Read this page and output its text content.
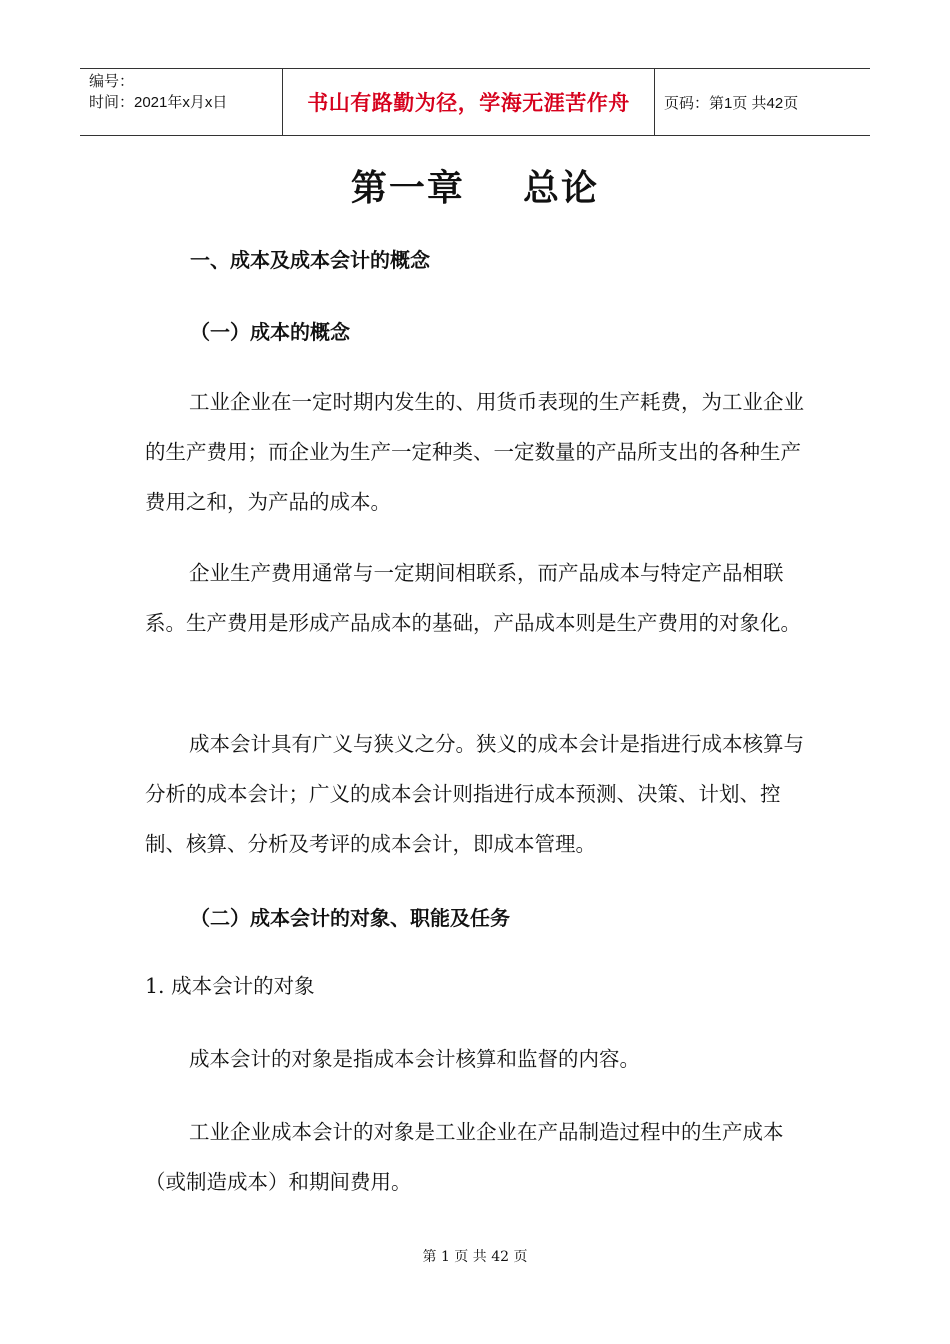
编号：
时间：2021年x月x日	书山有路勤为径，学海无涯苦作舟	页码：第1页 共42页
第一章    总论
一、成本及成本会计的概念
（一）成本的概念

工业企业在一定时期内发生的、用货币表现的生产耗费，为工业企业的生产费用；而企业为生产一定种类、一定数量的产品所支出的各种生产费用之和，为产品的成本。

企业生产费用通常与一定期间相联系，而产品成本与特定产品相联系。生产费用是形成产品成本的基础，产品成本则是生产费用的对象化。

成本会计具有广义与狭义之分。狭义的成本会计是指进行成本核算与分析的成本会计；广义的成本会计则指进行成本预测、决策、计划、控制、核算、分析及考评的成本会计，即成本管理。

（二）成本会计的对象、职能及任务
1. 成本会计的对象

成本会计的对象是指成本会计核算和监督的内容。

工业企业成本会计的对象是工业企业在产品制造过程中的生产成本（或制造成本）和期间费用。

第 1 页 共 42 页
